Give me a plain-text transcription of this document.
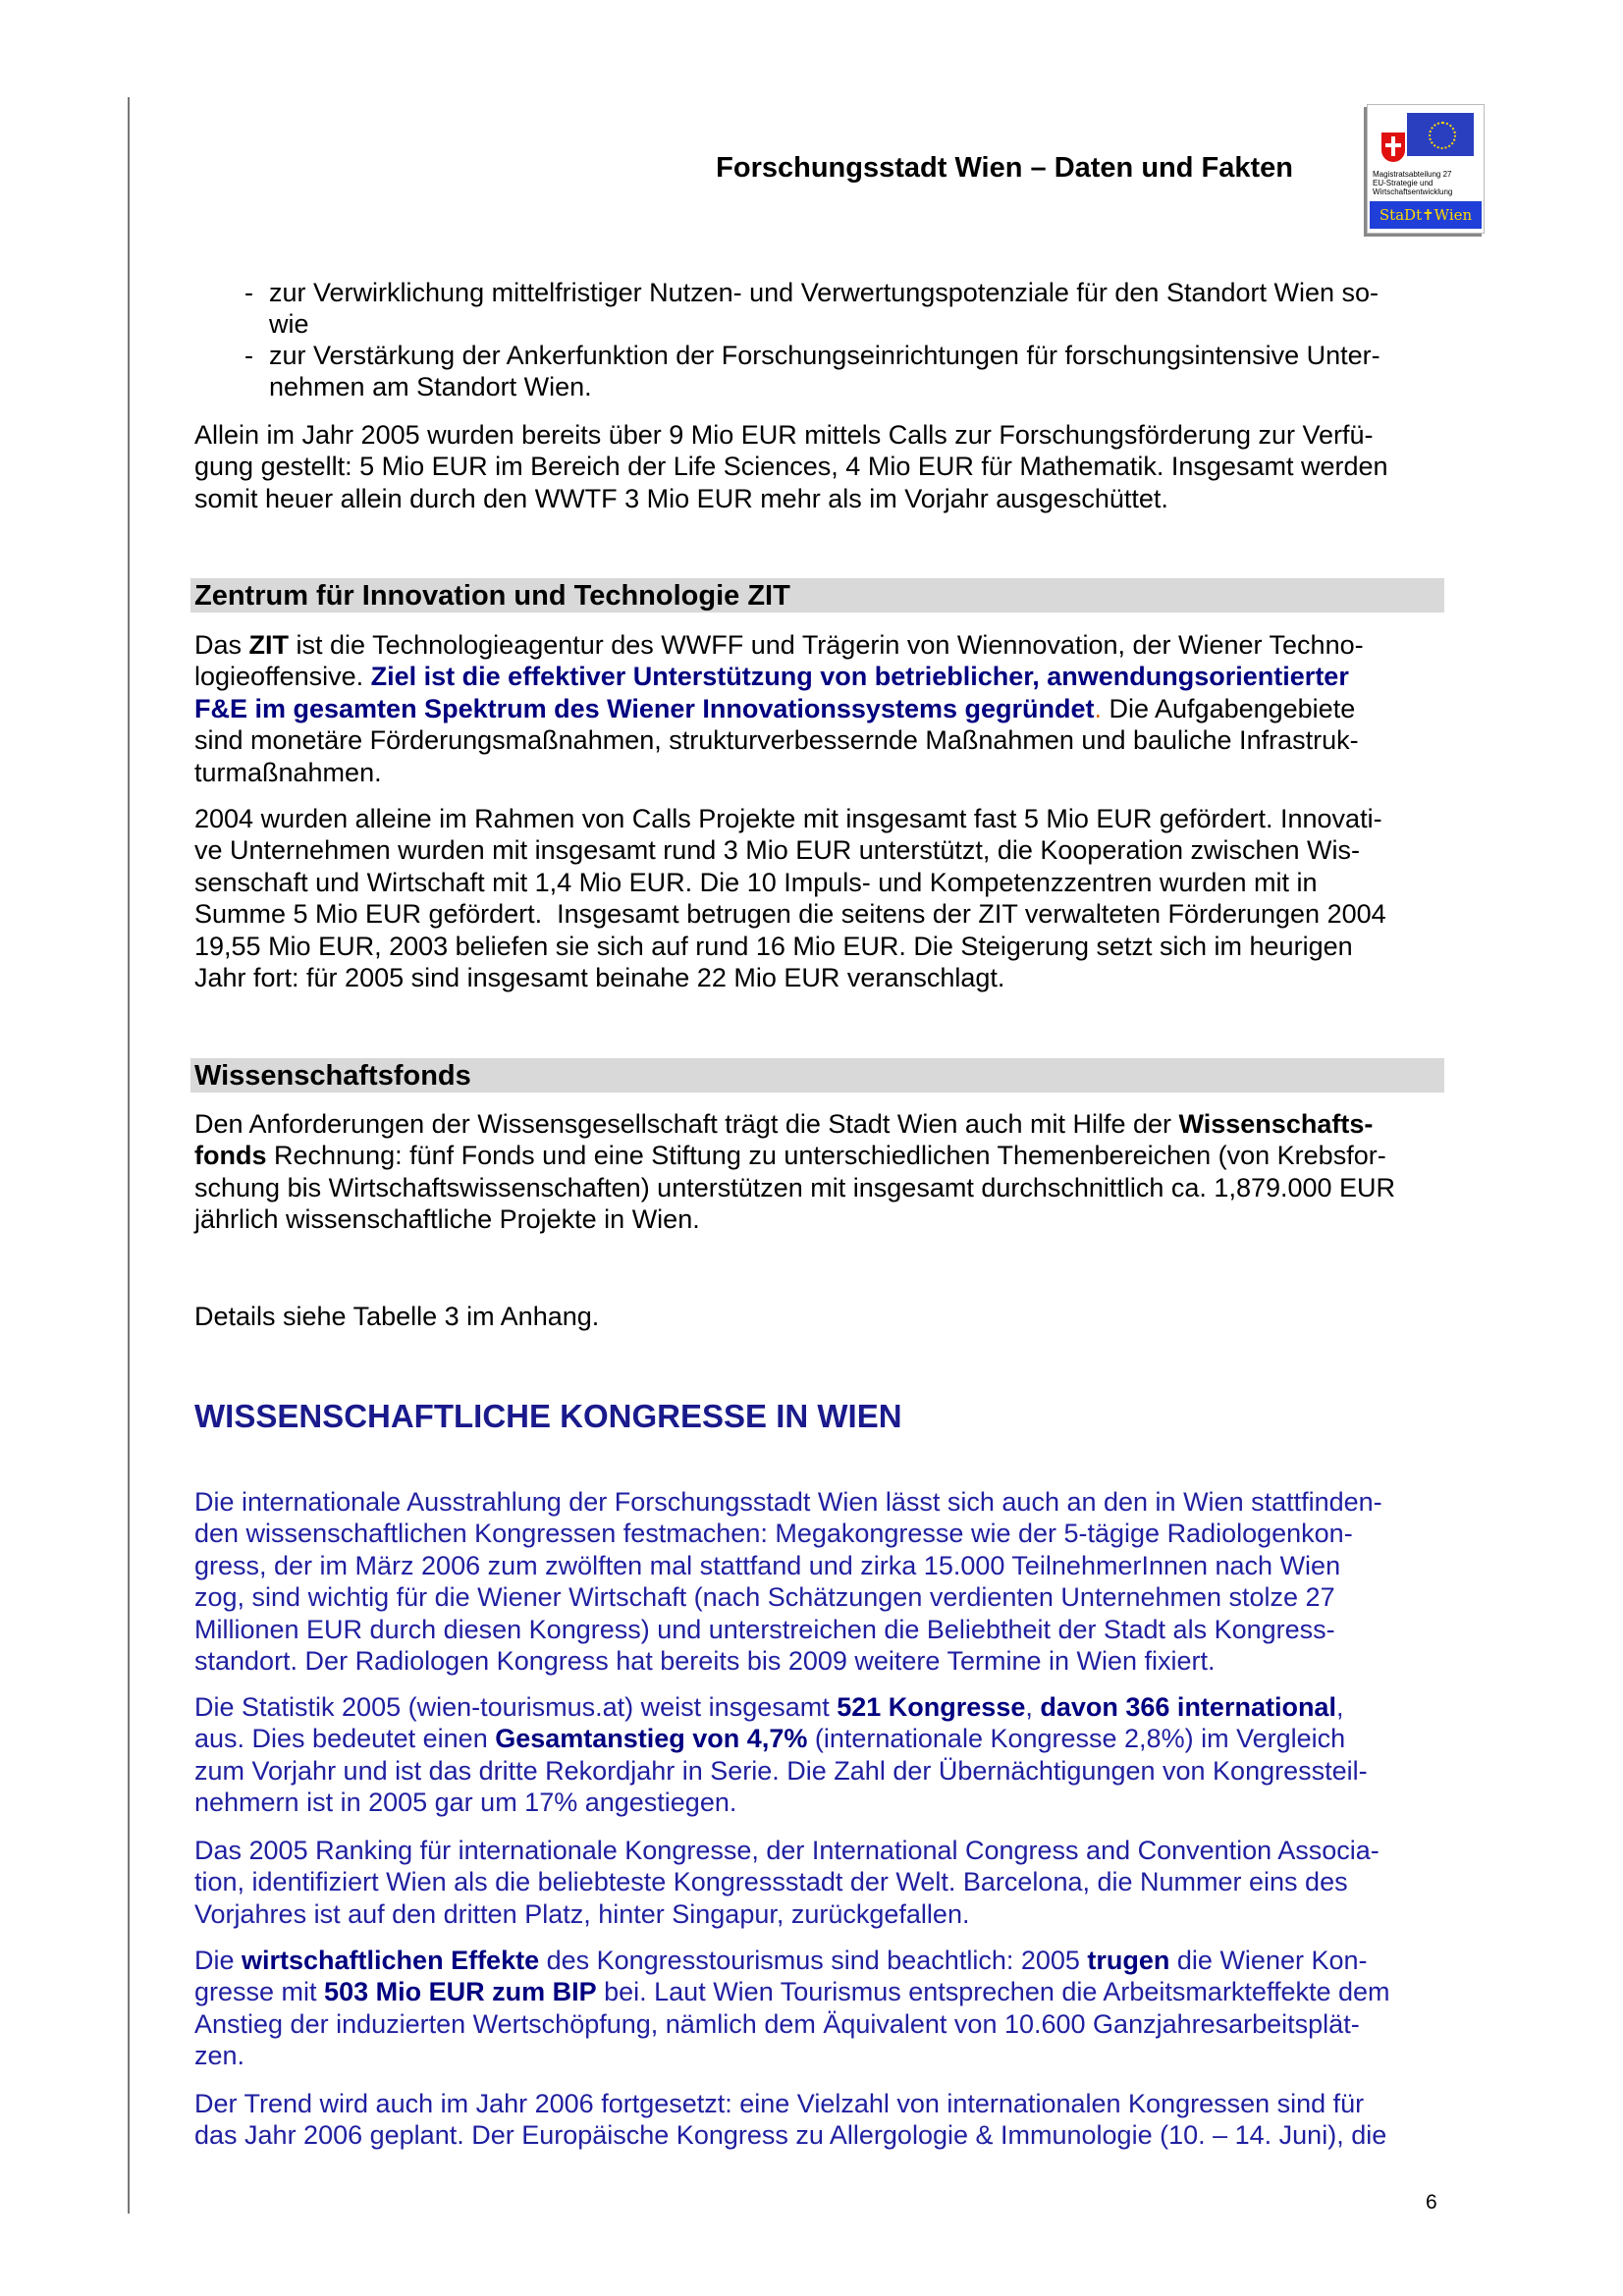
Forschungsstadt Wien – Daten und Fakten	Magistratsabteilung 27
EU-Strategie und
Wirtschaftsentwicklung
StaDt✝Wien
- zur Verwirklichung mittelfristiger Nutzen- und Verwertungspotenziale für den Standort Wien so-
wie
- zur Verstärkung der Ankerfunktion der Forschungseinrichtungen für forschungsintensive Unter-
nehmen am Standort Wien.
Zentrum für Innovation und Technologie ZIT
Wissenschaftsfonds
WISSENSCHAFTLICHE KONGRESSE IN WIEN
Allein im Jahr 2005 wurden bereits über 9 Mio EUR mittels Calls zur Forschungsförderung zur Verfü-
gung gestellt: 5 Mio EUR im Bereich der Life Sciences, 4 Mio EUR für Mathematik. Insgesamt werden
somit heuer allein durch den WWTF 3 Mio EUR mehr als im Vorjahr ausgeschüttet.
Das ZIT ist die Technologieagentur des WWFF und Trägerin von Wiennovation, der Wiener Techno-
logieoffensive. Ziel ist die effektiver Unterstützung von betrieblicher, anwendungsorientierter
F&E im gesamten Spektrum des Wiener Innovationssystems gegründet. Die Aufgabengebiete
sind monetäre Förderungsmaßnahmen, strukturverbessernde Maßnahmen und bauliche Infrastruk-
turmaßnahmen.
2004 wurden alleine im Rahmen von Calls Projekte mit insgesamt fast 5 Mio EUR gefördert. Innovati-
ve Unternehmen wurden mit insgesamt rund 3 Mio EUR unterstützt, die Kooperation zwischen Wis-
senschaft und Wirtschaft mit 1,4 Mio EUR. Die 10 Impuls- und Kompetenzzentren wurden mit in
Summe 5 Mio EUR gefördert.  Insgesamt betrugen die seitens der ZIT verwalteten Förderungen 2004
19,55 Mio EUR, 2003 beliefen sie sich auf rund 16 Mio EUR. Die Steigerung setzt sich im heurigen
Jahr fort: für 2005 sind insgesamt beinahe 22 Mio EUR veranschlagt.
Den Anforderungen der Wissensgesellschaft trägt die Stadt Wien auch mit Hilfe der Wissenschafts-
fonds Rechnung: fünf Fonds und eine Stiftung zu unterschiedlichen Themenbereichen (von Krebsfor-
schung bis Wirtschaftswissenschaften) unterstützen mit insgesamt durchschnittlich ca. 1,879.000 EUR
jährlich wissenschaftliche Projekte in Wien.
Details siehe Tabelle 3 im Anhang.
Die internationale Ausstrahlung der Forschungsstadt Wien lässt sich auch an den in Wien stattfinden-
den wissenschaftlichen Kongressen festmachen: Megakongresse wie der 5-tägige Radiologenkon-
gress, der im März 2006 zum zwölften mal stattfand und zirka 15.000 TeilnehmerInnen nach Wien
zog, sind wichtig für die Wiener Wirtschaft (nach Schätzungen verdienten Unternehmen stolze 27
Millionen EUR durch diesen Kongress) und unterstreichen die Beliebtheit der Stadt als Kongress-
standort. Der Radiologen Kongress hat bereits bis 2009 weitere Termine in Wien fixiert.
Die Statistik 2005 (wien-tourismus.at) weist insgesamt 521 Kongresse, davon 366 international,
aus. Dies bedeutet einen Gesamtanstieg von 4,7% (internationale Kongresse 2,8%) im Vergleich
zum Vorjahr und ist das dritte Rekordjahr in Serie. Die Zahl der Übernächtigungen von Kongressteil-
nehmern ist in 2005 gar um 17% angestiegen.
Das 2005 Ranking für internationale Kongresse, der International Congress and Convention Associa-
tion, identifiziert Wien als die beliebteste Kongressstadt der Welt. Barcelona, die Nummer eins des
Vorjahres ist auf den dritten Platz, hinter Singapur, zurückgefallen.
Die wirtschaftlichen Effekte des Kongresstourismus sind beachtlich: 2005 trugen die Wiener Kon-
gresse mit 503 Mio EUR zum BIP bei. Laut Wien Tourismus entsprechen die Arbeitsmarkteffekte dem
Anstieg der induzierten Wertschöpfung, nämlich dem Äquivalent von 10.600 Ganzjahresarbeitsplät-
zen.
Der Trend wird auch im Jahr 2006 fortgesetzt: eine Vielzahl von internationalen Kongressen sind für
das Jahr 2006 geplant. Der Europäische Kongress zu Allergologie & Immunologie (10. – 14. Juni), die
6
